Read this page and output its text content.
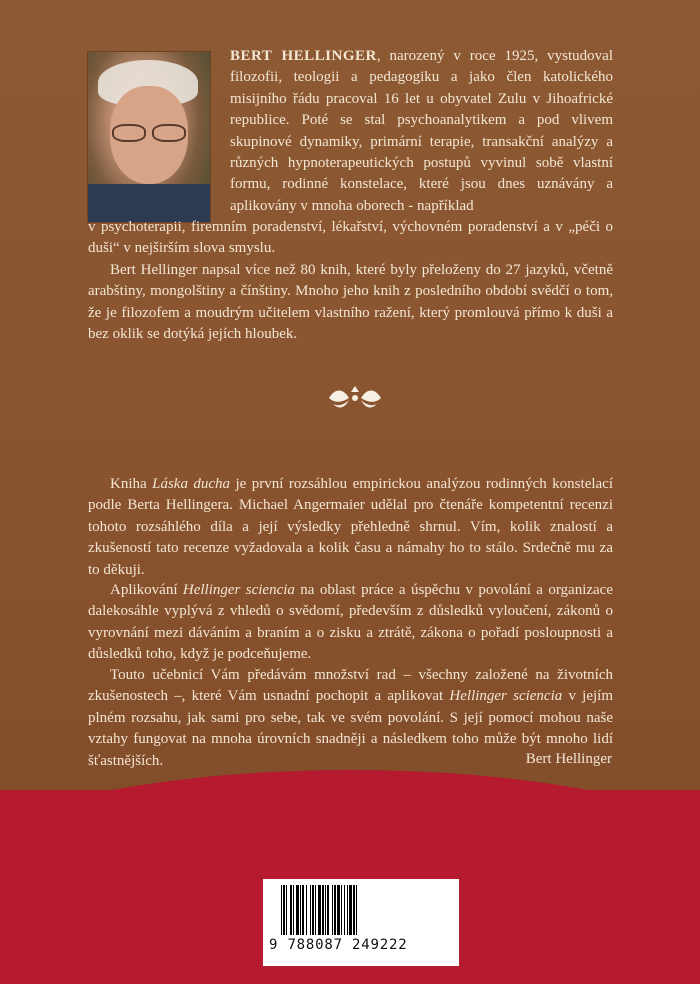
BERT HELLINGER, narozený v roce 1925, vystudoval filozofii, teologii a pedagogiku a jako člen katolického misijního řádu pracoval 16 let u obyvatel Zulu v Jihoafrické republice. Poté se stal psychoanalytikem a pod vlivem skupinové dynamiky, primární terapie, transakční analýzy a různých hypnoterapeutických postupů vyvinul sobě vlastní formu, rodinné konstelace, které jsou dnes uznávány a aplikovány v mnoha oborech - například

v psychoterapii, firemním poradenství, lékařství, výchovném poradenství a v „péči o duši“ v nejširším slova smyslu.

Bert Hellinger napsal více než 80 knih, které byly přeloženy do 27 jazyků, včetně arabštiny, mongolštiny a čínštiny. Mnoho jeho knih z posledního období svědčí o tom, že je filozofem a moudrým učitelem vlastního ražení, který promlouvá přímo k duši a bez oklik se dotýká jejích hloubek.

Kniha Láska ducha je první rozsáhlou empirickou analýzou rodinných konstelací podle Berta Hellingera. Michael Angermaier udělal pro čtenáře kompetentní recenzi tohoto rozsáhlého díla a její výsledky přehledně shrnul. Vím, kolik znalostí a zkušeností tato recenze vyžadovala a kolik času a námahy ho to stálo. Srdečně mu za to děkuji.

Aplikování Hellinger sciencia na oblast práce a úspěchu v povolání a organizace dalekosáhle vyplývá z vhledů o svědomí, především z důsledků vyloučení, zákonů o vyrovnání mezi dáváním a braním a o zisku a ztrátě, zákona o pořadí posloupnosti a důsledků toho, když je podceňujeme.

Touto učebnicí Vám předávám množství rad – všechny založené na životních zkušenostech –, které Vám usnadní pochopit a aplikovat Hellinger sciencia v jejím plném rozsahu, jak sami pro sebe, tak ve svém povolání. S její pomocí mohou naše vztahy fungovat na mnoha úrovních snadněji a následkem toho může být mnoho lidí šťastnějších.	Bert Hellinger
9 788087 249222
